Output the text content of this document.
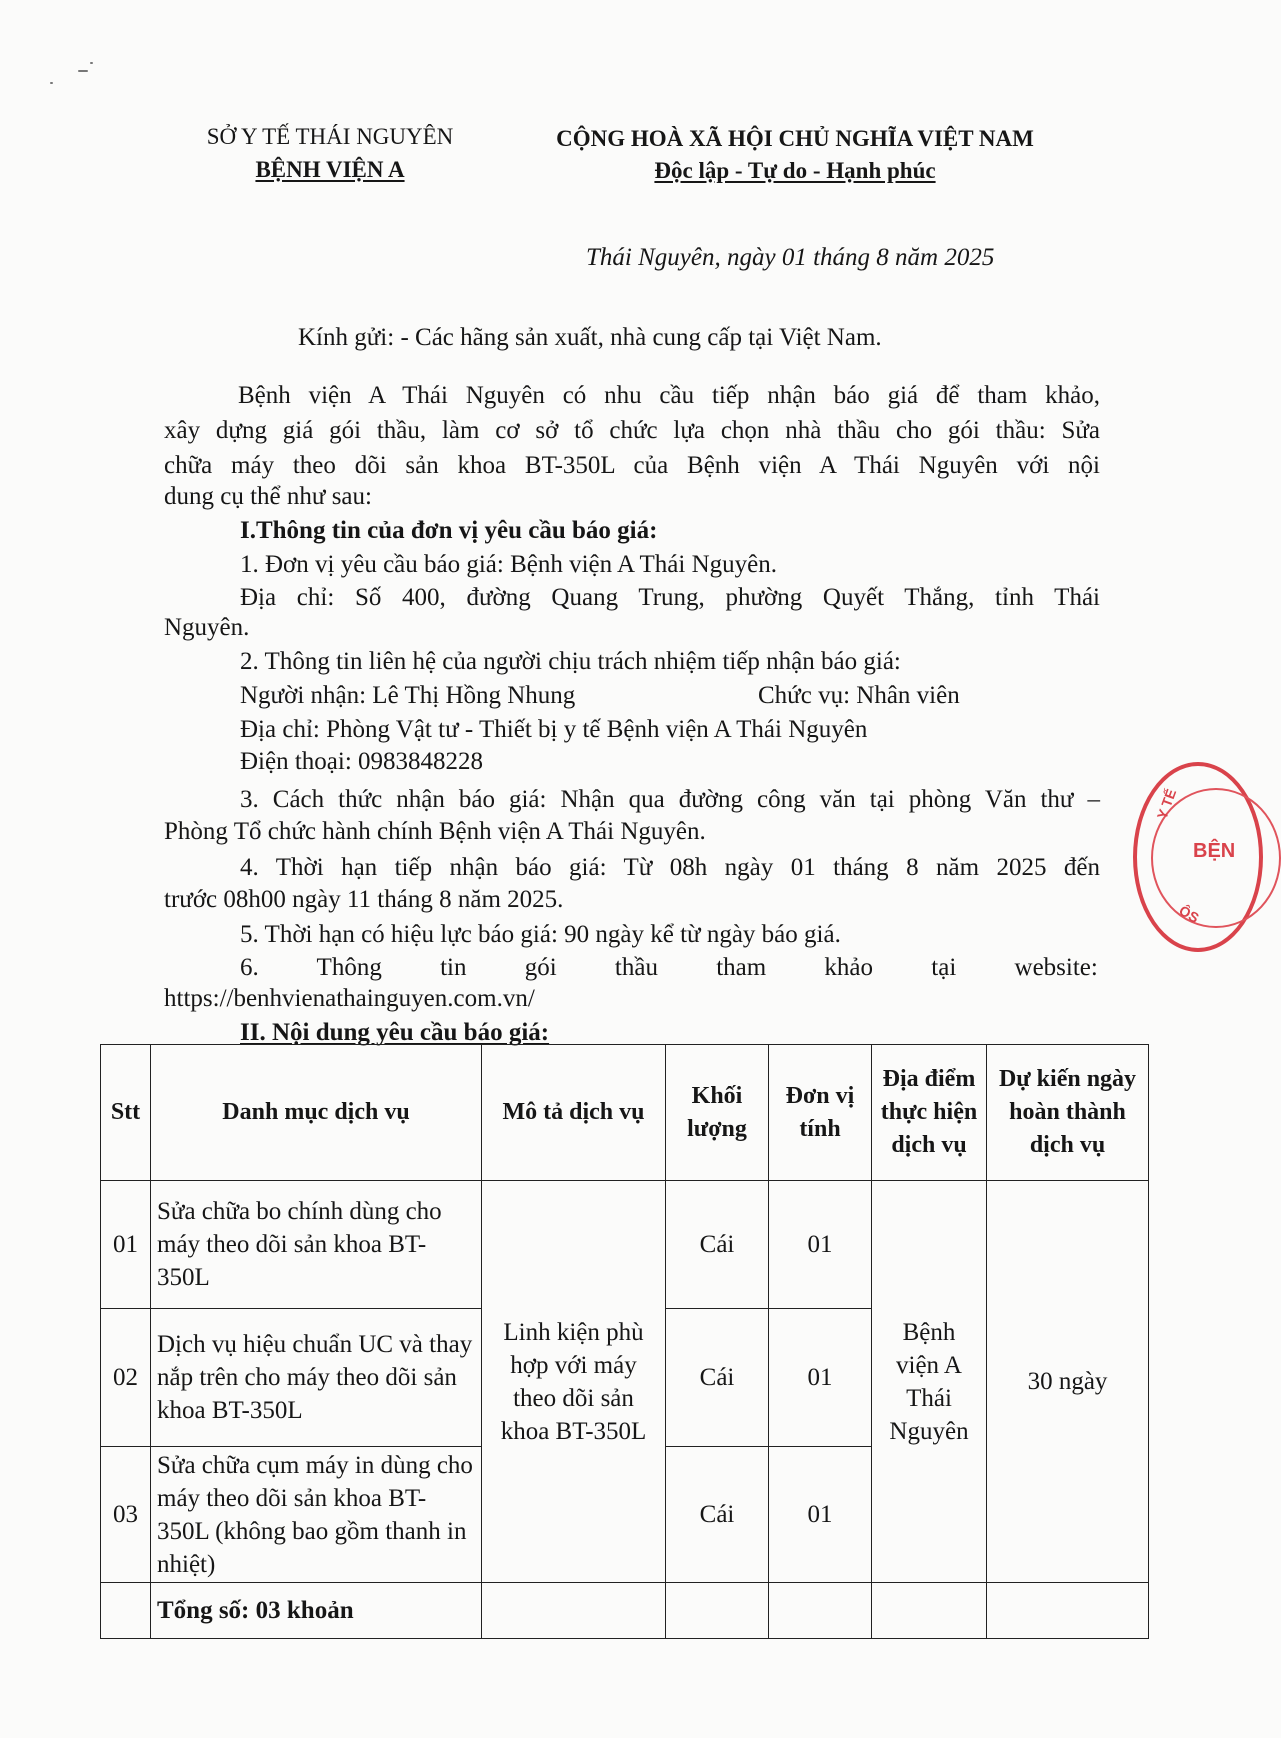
SỞ Y TẾ THÁI NGUYÊN
BỆNH VIỆN A
CỘNG HOÀ XÃ HỘI CHỦ NGHĨA VIỆT NAM
Độc lập - Tự do - Hạnh phúc
Thái Nguyên, ngày 01 tháng 8 năm 2025
Kính gửi: - Các hãng sản xuất, nhà cung cấp tại Việt Nam.
Bệnh viện A Thái Nguyên có nhu cầu tiếp nhận báo giá để tham khảo,
xây dựng giá gói thầu, làm cơ sở tổ chức lựa chọn nhà thầu cho gói thầu: Sửa
chữa máy theo dõi sản khoa BT-350L của Bệnh viện A Thái Nguyên với nội
dung cụ thể như sau:
I.Thông tin của đơn vị yêu cầu báo giá:
1. Đơn vị yêu cầu báo giá: Bệnh viện A Thái Nguyên.
Địa chỉ: Số 400, đường Quang Trung, phường Quyết Thắng, tỉnh Thái
Nguyên.
2. Thông tin liên hệ của người chịu trách nhiệm tiếp nhận báo giá:
Người nhận: Lê Thị Hồng Nhung	Chức vụ: Nhân viên
Địa chỉ: Phòng Vật tư - Thiết bị y tế Bệnh viện A Thái Nguyên
Điện thoại: 0983848228
3. Cách thức nhận báo giá: Nhận qua đường công văn tại phòng Văn thư –
Phòng Tổ chức hành chính Bệnh viện A Thái Nguyên.
4. Thời hạn tiếp nhận báo giá: Từ 08h ngày 01 tháng 8 năm 2025 đến
trước 08h00 ngày 11 tháng 8 năm 2025.
5. Thời hạn có hiệu lực báo giá: 90 ngày kể từ ngày báo giá.
6. Thông tin gói thầu tham khảo tại website:
https://benhvienathainguyen.com.vn/
II. Nội dung yêu cầu báo giá:
Stt	Danh mục dịch vụ	Mô tả dịch vụ	Khối lượng	Đơn vị tính	Địa điểm thực hiện dịch vụ	Dự kiến ngày hoàn thành dịch vụ
01	Sửa chữa bo chính dùng cho máy theo dõi sản khoa BT-350L	Linh kiện phù hợp với máy theo dõi sản khoa BT-350L	Cái	01	Bệnh viện A Thái Nguyên	30 ngày
02	Dịch vụ hiệu chuẩn UC và thay nắp trên cho máy theo dõi sản khoa BT-350L		Cái	01		
03	Sửa chữa cụm máy in dùng cho máy theo dõi sản khoa BT-350L (không bao gồm thanh in nhiệt)		Cái	01		
	Tổng số: 03 khoản					
BỆN
Y TẾ
ÔS
